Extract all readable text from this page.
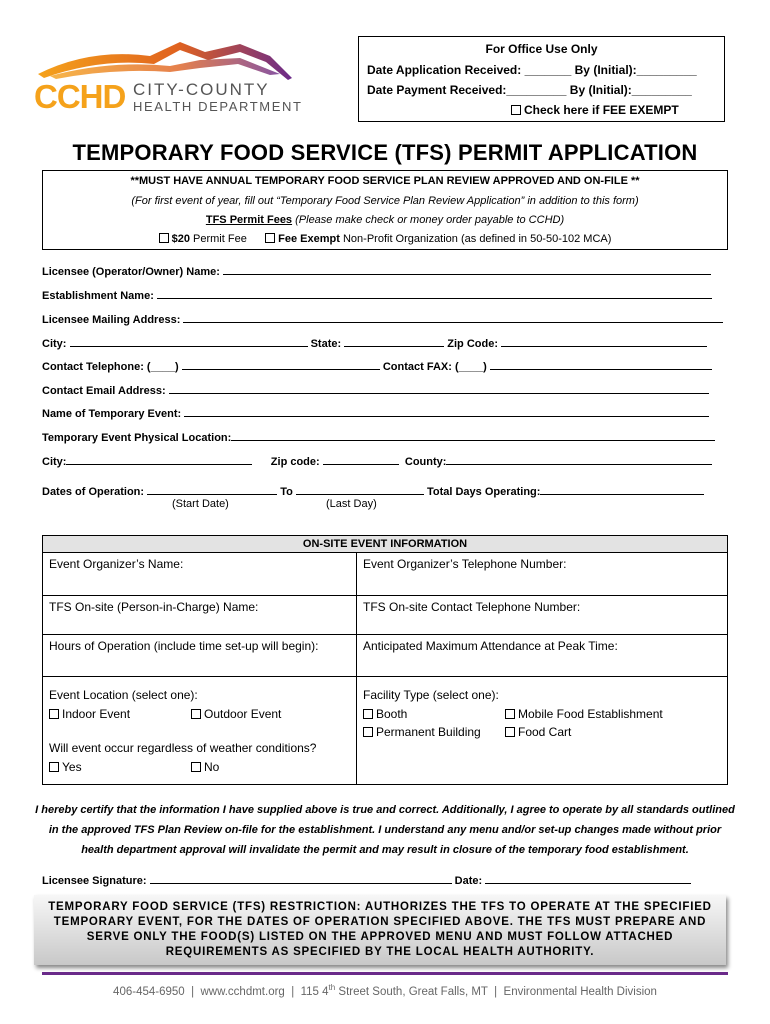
CCHD CITY-COUNTY
HEALTH DEPARTMENT
For Office Use Only
Date Application Received: _______ By (Initial):_________
Date Payment Received:_________ By (Initial):_________
Check here if FEE EXEMPT
TEMPORARY FOOD SERVICE (TFS) PERMIT APPLICATION
**MUST HAVE ANNUAL TEMPORARY FOOD SERVICE PLAN REVIEW APPROVED AND ON-FILE **
(For first event of year, fill out “Temporary Food Service Plan Review Application” in addition to this form)
TFS Permit Fees (Please make check or money order payable to CCHD)
$20 Permit Fee	Fee Exempt Non-Profit Organization (as defined in 50-50-102 MCA)
Licensee (Operator/Owner) Name:
Establishment Name:
Licensee Mailing Address:
City:	State:	Zip Code:
Contact Telephone: (____)	Contact FAX: (____)
Contact Email Address:
Name of Temporary Event:
Temporary Event Physical Location:
City:	Zip code:	County:
Dates of Operation:	To	Total Days Operating:
(Start Date)	(Last Day)
ON-SITE EVENT INFORMATION
Event Organizer’s Name:	Event Organizer’s Telephone Number:
TFS On-site (Person-in-Charge) Name:	TFS On-site Contact Telephone Number:
Hours of Operation (include time set-up will begin):	Anticipated Maximum Attendance at Peak Time:
Event Location (select one):
Indoor Event	Outdoor Event
Will event occur regardless of weather conditions?
Yes	No
Facility Type (select one):
Booth	Mobile Food Establishment
Permanent Building	Food Cart
I hereby certify that the information I have supplied above is true and correct. Additionally, I agree to operate by all standards outlined
in the approved TFS Plan Review on-file for the establishment. I understand any menu and/or set-up changes made without prior
health department approval will invalidate the permit and may result in closure of the temporary food establishment.
Licensee Signature:	Date:
TEMPORARY FOOD SERVICE (TFS) RESTRICTION: AUTHORIZES THE TFS TO OPERATE AT THE SPECIFIED
TEMPORARY EVENT, FOR THE DATES OF OPERATION SPECIFIED ABOVE. THE TFS MUST PREPARE AND
SERVE ONLY THE FOOD(S) LISTED ON THE APPROVED MENU AND MUST FOLLOW ATTACHED
REQUIREMENTS AS SPECIFIED BY THE LOCAL HEALTH AUTHORITY.
406-454-6950 | www.cchdmt.org | 115 4th Street South, Great Falls, MT | Environmental Health Division
